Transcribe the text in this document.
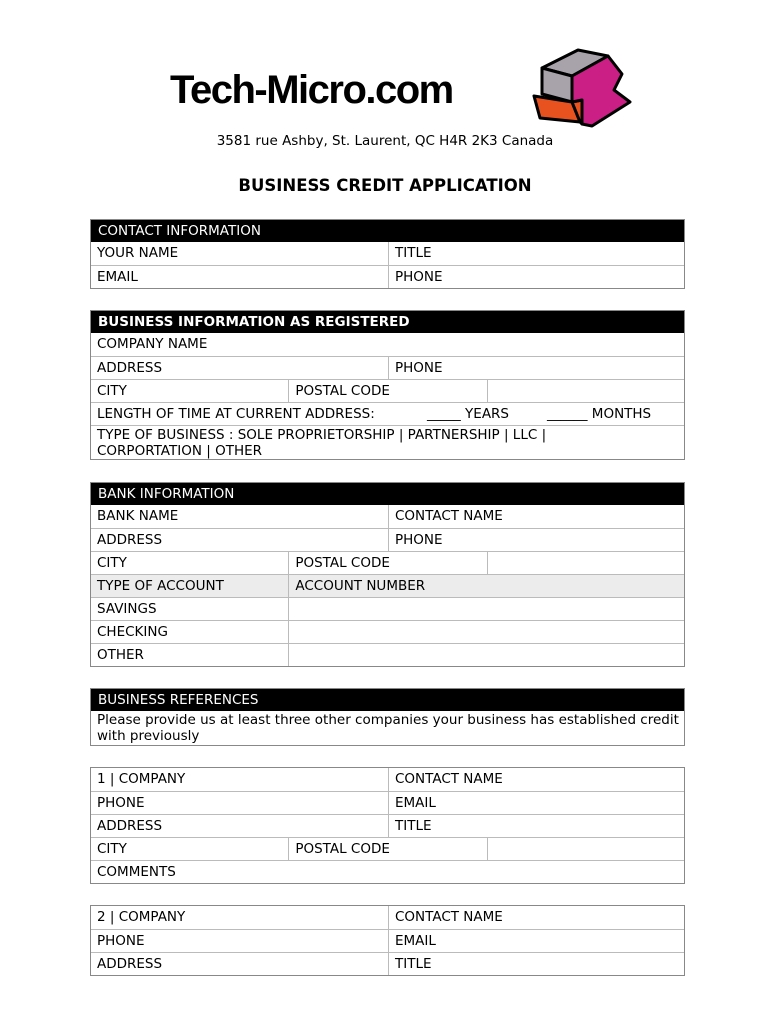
Tech-Micro.com
3581 rue Ashby, St. Laurent, QC H4R 2K3 Canada
BUSINESS CREDIT APPLICATION
CONTACT INFORMATION
YOUR NAME	TITLE
EMAIL	PHONE
BUSINESS INFORMATION AS REGISTERED
COMPANY NAME
ADDRESS	PHONE
CITY	POSTAL CODE
LENGTH OF TIME AT CURRENT ADDRESS:	_____ YEARS	______ MONTHS
TYPE OF BUSINESS : SOLE PROPRIETORSHIP | PARTNERSHIP | LLC |
CORPORTATION | OTHER
BANK INFORMATION
BANK NAME	CONTACT NAME
ADDRESS	PHONE
CITY	POSTAL CODE
TYPE OF ACCOUNT	ACCOUNT NUMBER
SAVINGS
CHECKING
OTHER
BUSINESS REFERENCES
Please provide us at least three other companies your business has established credit with previously
1 | COMPANY	CONTACT NAME
PHONE	EMAIL
ADDRESS	TITLE
CITY	POSTAL CODE
COMMENTS
2 | COMPANY	CONTACT NAME
PHONE	EMAIL
ADDRESS	TITLE
